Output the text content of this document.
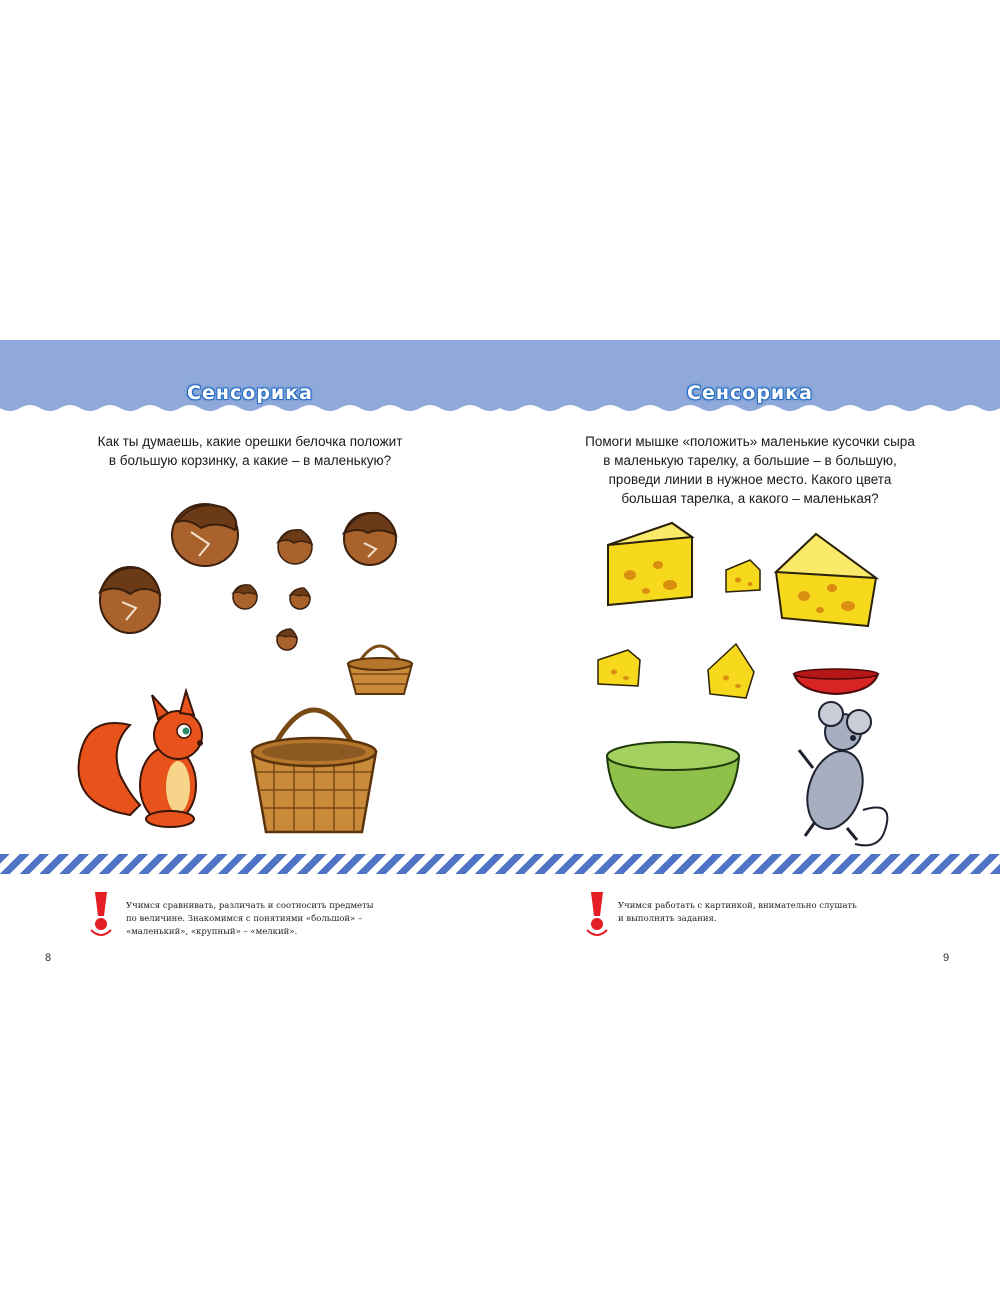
Сенсорика
Как ты думаешь, какие орешки белочка положит
в большую корзинку, а какие – в маленькую?
Учимся сравнивать, различать и соотносить предметы
по величине. Знакомимся с понятиями «большой» –
«маленький», «крупный» – «мелкий».
8
Сенсорика
Помоги мышке «положить» маленькие кусочки сыра
в маленькую тарелку, а большие – в большую,
проведи линии в нужное место. Какого цвета
большая тарелка, а какого – маленькая?
Учимся работать с картинкой, внимательно слушать
и выполнять задания.
9
